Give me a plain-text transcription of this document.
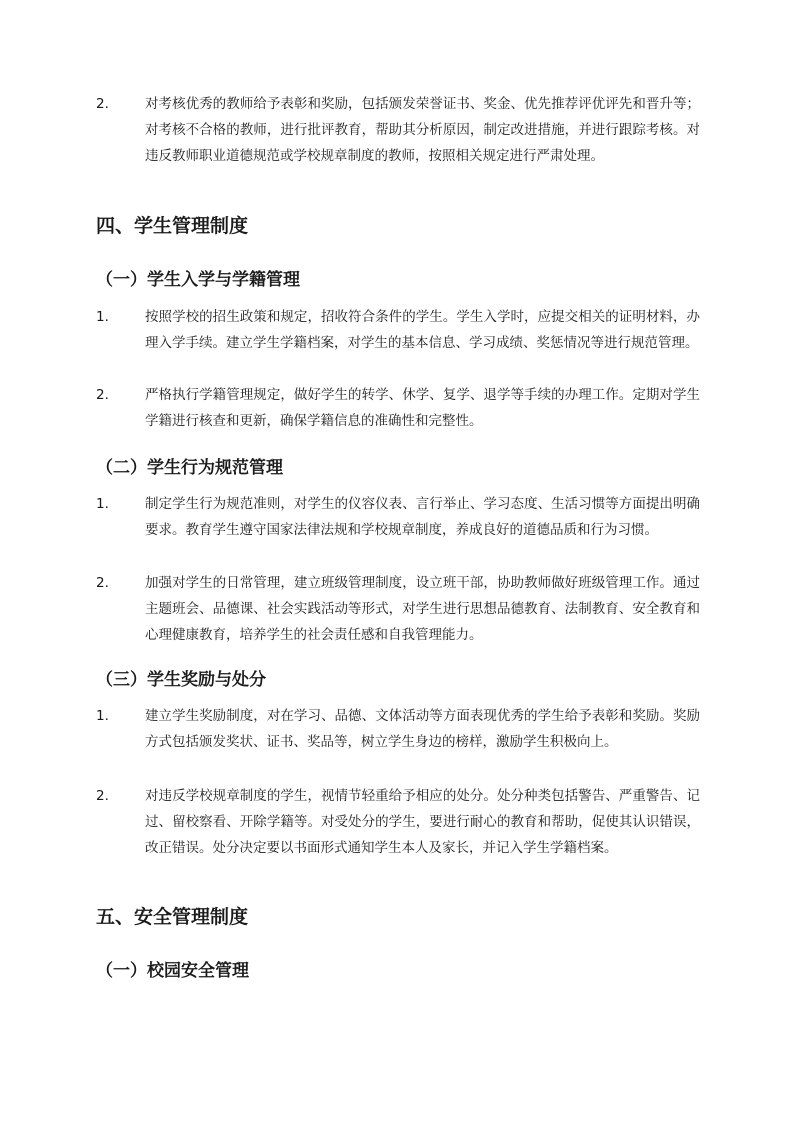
2.	对考核优秀的教师给予表彰和奖励，包括颁发荣誉证书、奖金、优先推荐评优评先和晋升等；对考核不合格的教师，进行批评教育，帮助其分析原因，制定改进措施，并进行跟踪考核。对违反教师职业道德规范或学校规章制度的教师，按照相关规定进行严肃处理。
四、学生管理制度
（一）学生入学与学籍管理
1.	按照学校的招生政策和规定，招收符合条件的学生。学生入学时，应提交相关的证明材料，办理入学手续。建立学生学籍档案，对学生的基本信息、学习成绩、奖惩情况等进行规范管理。
2.	严格执行学籍管理规定，做好学生的转学、休学、复学、退学等手续的办理工作。定期对学生学籍进行核查和更新，确保学籍信息的准确性和完整性。
（二）学生行为规范管理
1.	制定学生行为规范准则，对学生的仪容仪表、言行举止、学习态度、生活习惯等方面提出明确要求。教育学生遵守国家法律法规和学校规章制度，养成良好的道德品质和行为习惯。
2.	加强对学生的日常管理，建立班级管理制度，设立班干部，协助教师做好班级管理工作。通过主题班会、品德课、社会实践活动等形式，对学生进行思想品德教育、法制教育、安全教育和心理健康教育，培养学生的社会责任感和自我管理能力。
（三）学生奖励与处分
1.	建立学生奖励制度，对在学习、品德、文体活动等方面表现优秀的学生给予表彰和奖励。奖励方式包括颁发奖状、证书、奖品等，树立学生身边的榜样，激励学生积极向上。
2.	对违反学校规章制度的学生，视情节轻重给予相应的处分。处分种类包括警告、严重警告、记过、留校察看、开除学籍等。对受处分的学生，要进行耐心的教育和帮助，促使其认识错误，改正错误。处分决定要以书面形式通知学生本人及家长，并记入学生学籍档案。
五、安全管理制度
（一）校园安全管理
